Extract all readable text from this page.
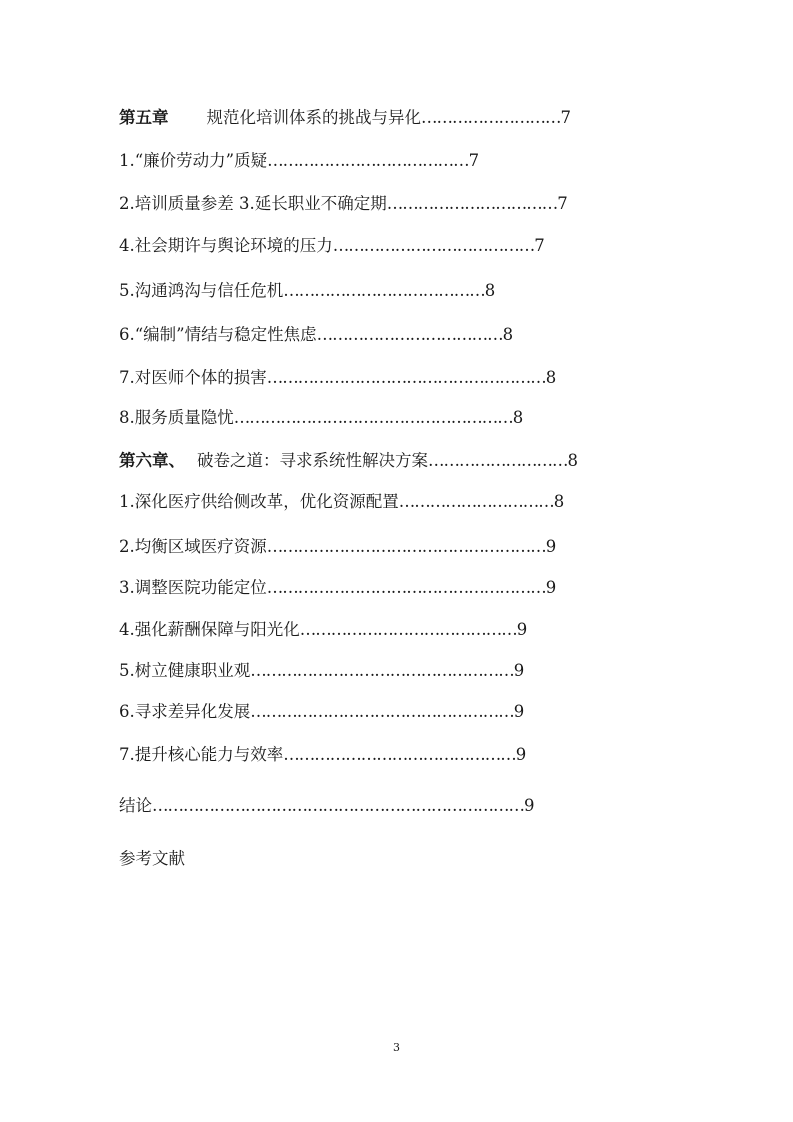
第五章 规范化培训体系的挑战与异化………………………7
1.“廉价劳动力”质疑…………………………………7
2.培训质量参差 3.延长职业不确定期……………………………7
4.社会期许与舆论环境的压力…………………………………7
5.沟通鸿沟与信任危机…………………………………8
6.“编制”情结与稳定性焦虑………………………………8
7.对医师个体的损害………………………………………………8
8.服务质量隐忧………………………………………………8
第六章、 破卷之道：寻求系统性解决方案………………………8
1.深化医疗供给侧改革，优化资源配置…………………………8
2.均衡区域医疗资源………………………………………………9
3.调整医院功能定位………………………………………………9
4.强化薪酬保障与阳光化……………………………………9
5.树立健康职业观……………………………………………9
6.寻求差异化发展……………………………………………9
7.提升核心能力与效率………………………………………9
结论………………………………………………………………9
参考文献
3
